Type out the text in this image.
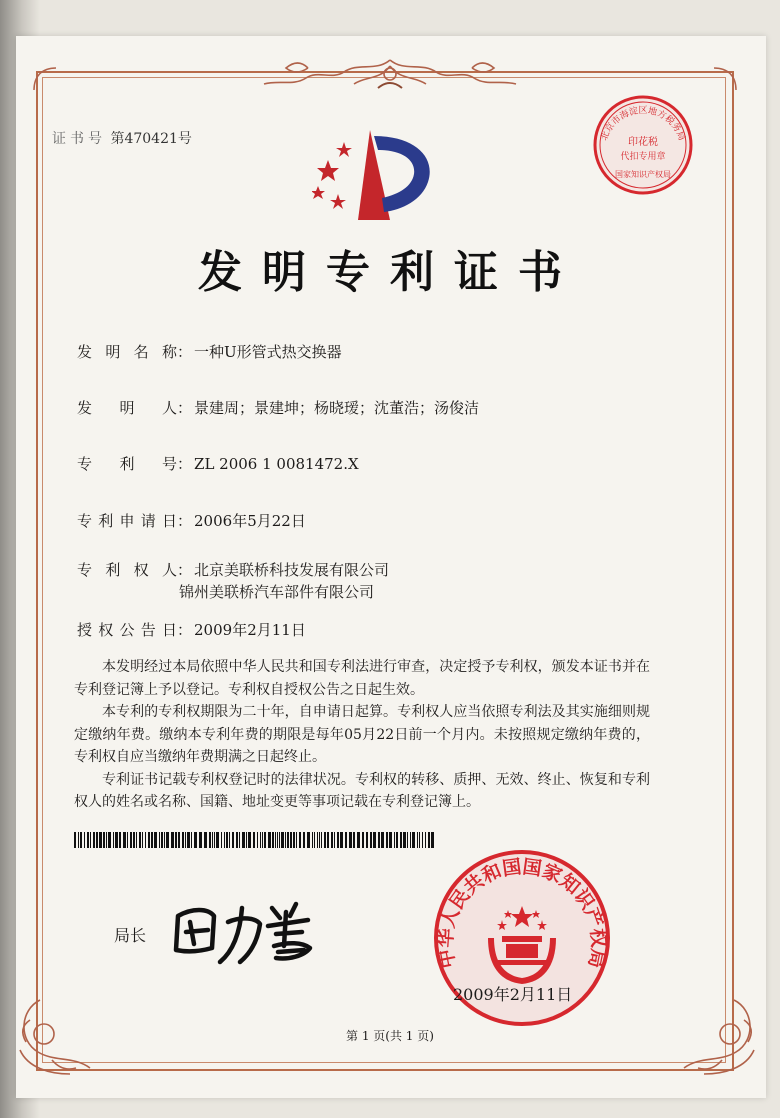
证书号 第470421号	北京市海淀区地方税务局
印花税
代扣专用章
国家知识产权局
发明专利证书
发明名称： 一种U形管式热交换器
发明人： 景建周；景建坤；杨晓瑷；沈董浩；汤俊洁
专利号： ZL 2006 1 0081472.X
专利申请日： 2006年5月22日
专利权人： 北京美联桥科技发展有限公司
锦州美联桥汽车部件有限公司
授权公告日： 2009年2月11日

本发明经过本局依照中华人民共和国专利法进行审查，决定授予专利权，颁发本证书并在专利登记簿上予以登记。专利权自授权公告之日起生效。

本专利的专利权期限为二十年，自申请日起算。专利权人应当依照专利法及其实施细则规定缴纳年费。缴纳本专利年费的期限是每年05月22日前一个月内。未按照规定缴纳年费的，专利权自应当缴纳年费期满之日起终止。

专利证书记载专利权登记时的法律状况。专利权的转移、质押、无效、终止、恢复和专利权人的姓名或名称、国籍、地址变更等事项记载在专利登记簿上。

局长
中华人民共和国国家知识产权局
2009年2月11日
第 1 页(共 1 页)
